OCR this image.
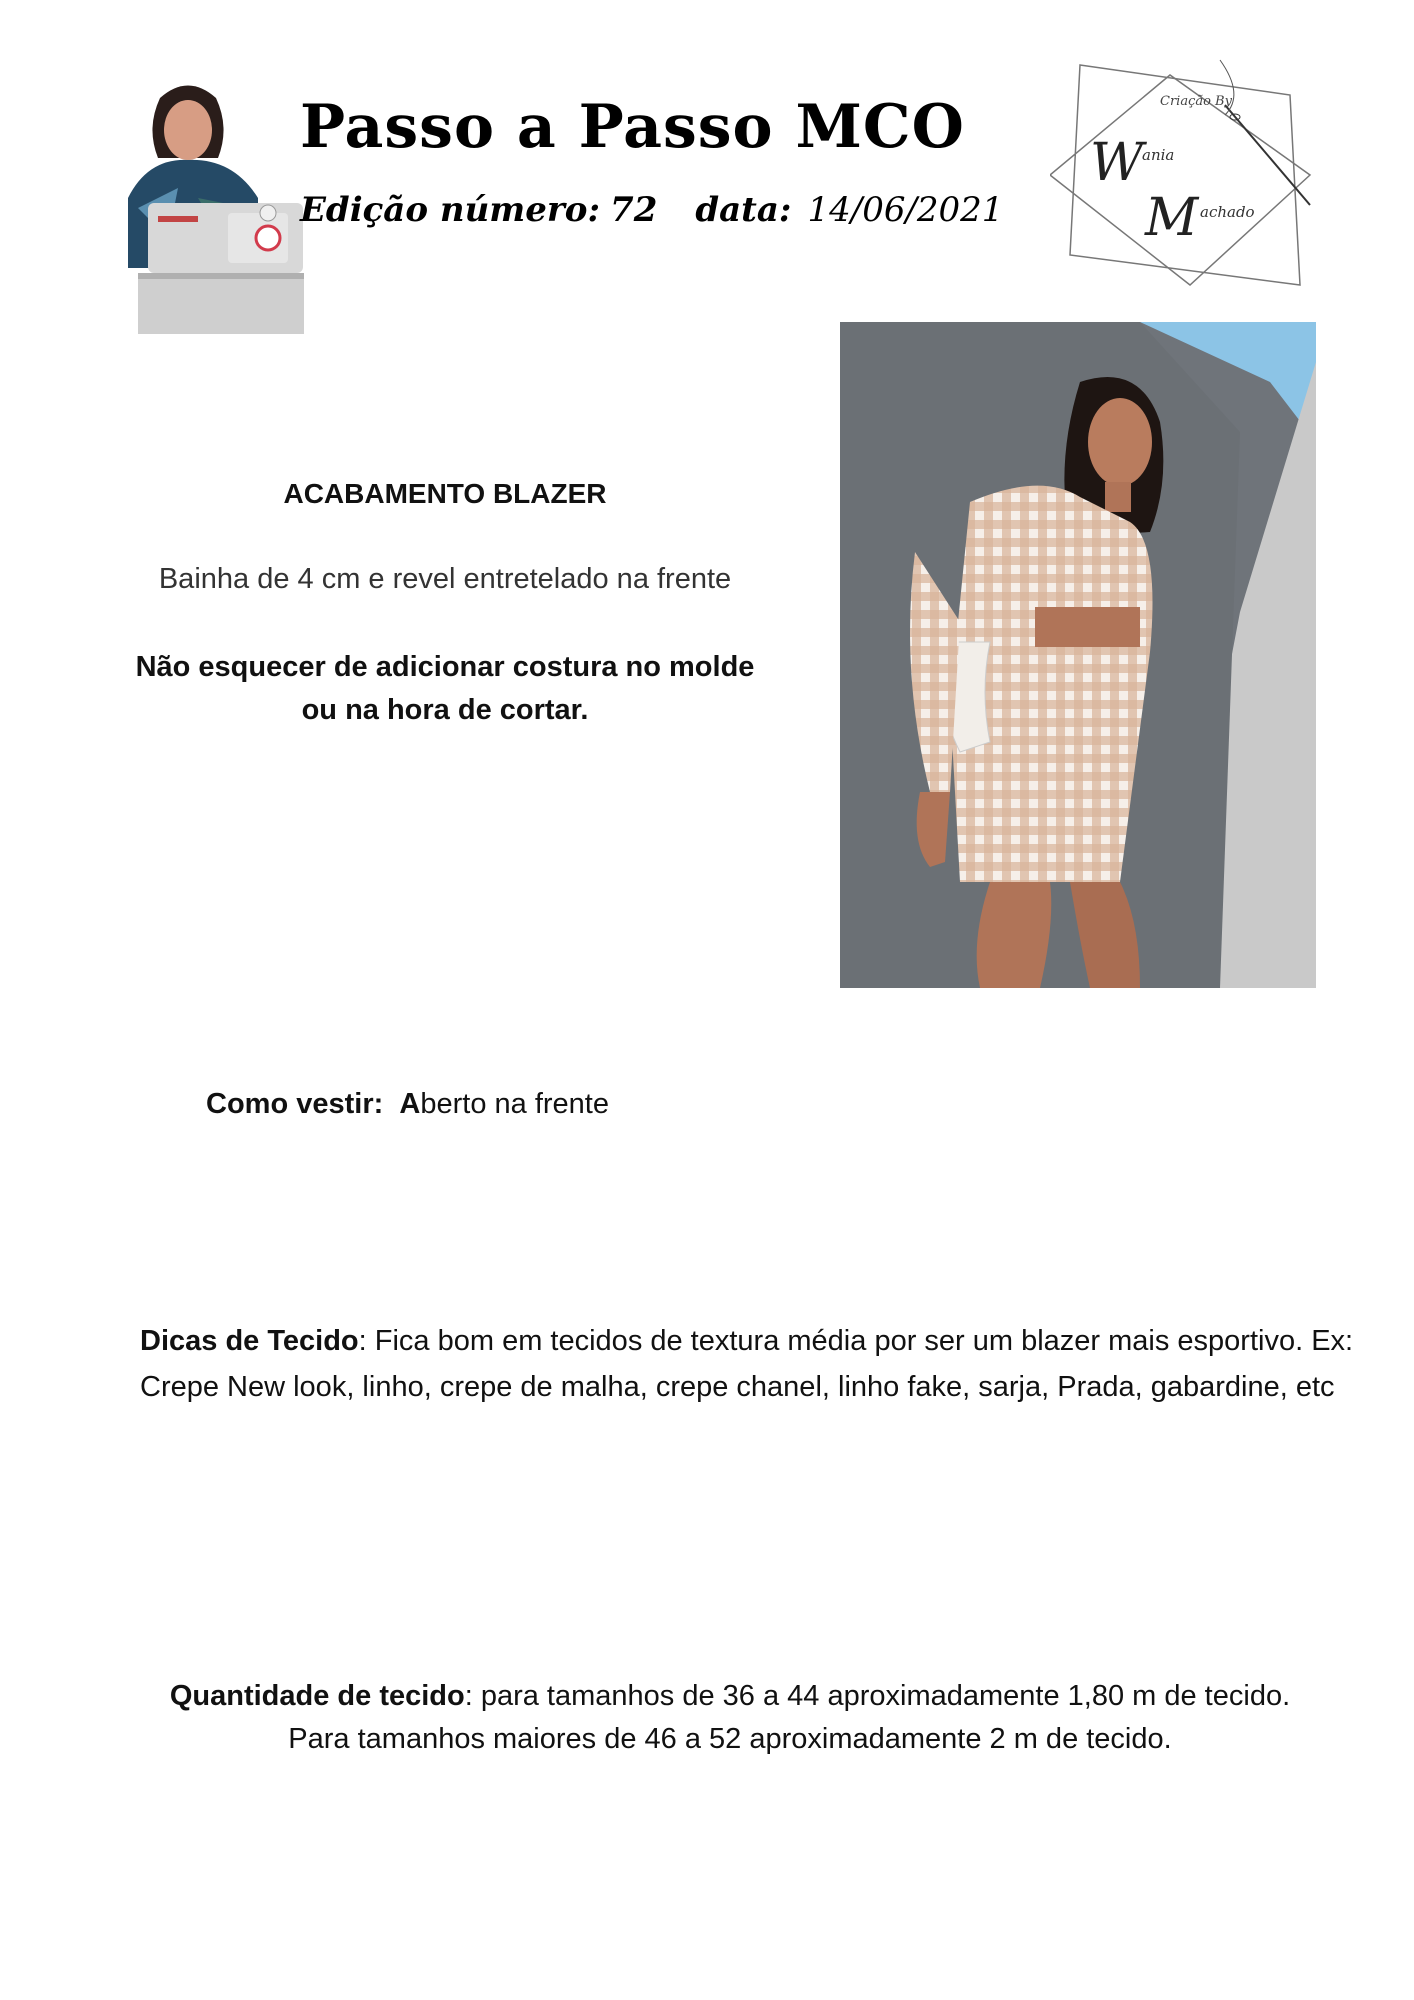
Passo a Passo MCO
Edição número: 72 data: 14/06/2021
Criação By
W
M
ania
achado
ACABAMENTO BLAZER
Bainha de 4 cm e revel entretelado na frente
Não esquecer de adicionar costura no molde
ou na hora de cortar.
Como vestir: Aberto na frente
Dicas de Tecido: Fica bom em tecidos de textura média por ser um blazer mais esportivo. Ex: Crepe New look, linho, crepe de malha, crepe chanel, linho fake, sarja, Prada, gabardine, etc
Quantidade de tecido: para tamanhos de 36 a 44 aproximadamente 1,80 m de tecido.
Para tamanhos maiores de 46 a 52 aproximadamente 2 m de tecido.
